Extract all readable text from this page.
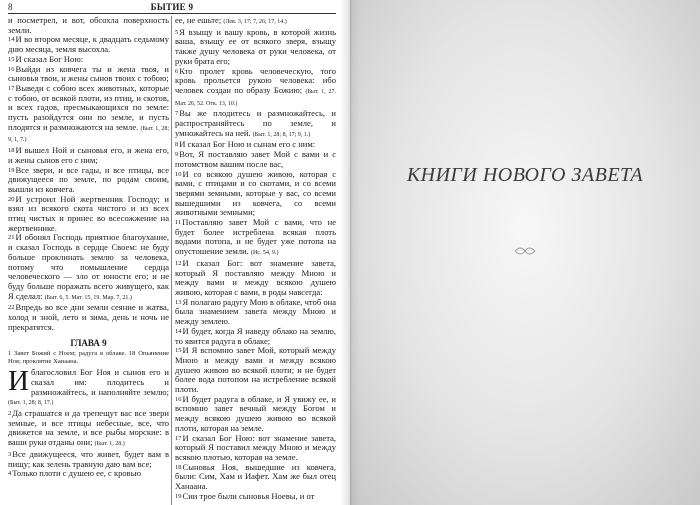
8	БЫТИЕ 9

и посметрел, и вот, обсохла поверхность земли.

$^{14}$И во втором месяце, к двадцать седьмому дню месяца, земля высохла.

$^{15}$И сказал Бог Ною:

$^{16}$Выйди из ковчега ты и жена твоя, и сыновья твои, и жены сынов твоих с тобою;

$^{17}$Выведи с собою всех животных, которые с тобою, от всякой плоти, из птиц, и скотов, и всех гадов, пресмыкающихся по земле: пусть разойдутся они по земле, и пусть плодятся и размножаются на земле. (Быт. 1, 28; 9, 1, 7.)

$^{18}$И вышел Ной и сыновья его, и жена его, и жены сынов его с ним;

$^{19}$Все звери, и все гады, и все птицы, все движущееся по земле, по родам своим, вышли из ковчега.

$^{20}$И устроил Ной жертвенник Господу; и взял из всякого скота чистого и из всех птиц чистых и принес во всесожжение на жертвеннике.

$^{21}$И обонял Господь приятное благоухание, и сказал Господь в сердце Своем: не буду больше проклинать землю за человека, потому что помышление сердца человеческого — зло от юности его; и не буду больше поражать всего живущего, как Я сделал: (Быт. 6, 5. Мат. 15, 19. Мар. 7, 21.)

$^{22}$Впредь во все дни земли сеяние и жатва, холод и зной, лето и зима, день и ночь не прекратятся.

ГЛАВА 9

1 Завет Божий с Ноем; радуга в облаке. 18 Опьянение Ноя; проклятие Ханаана.

Иблагословил Бог Ноя и сынов его и сказал им: плодитесь и размножайтесь, и наполняйте землю; (Быт. 1, 28; 8, 17.)

$^2$Да страшатся и да трепещут вас все звери земные, и все птицы небесные, все, что движется на земле, и все рыбы морские: в ваши руки отданы они; (Быт. 1, 28.)

$^3$Все движущееся, что живет, будет вам в пищу; как зелень травную даю вам все;

$^4$Только плоти с душею ее, с кровью

ее, не ешьте; (Лев. 3, 17; 7, 26; 17, 14.)

$^5$Я взыщу и вашу кровь, в которой жизнь ваша, взыщу ее от всякого зверя, взыщу также душу человека от руки человека, от руки брата его;

$^6$Кто пролет кровь человеческую, того кровь прольется рукою человека: ибо человек создан по образу Божию; (Быт. 1, 27. Мат. 26, 52. Отк. 13, 10.)

$^7$Вы же плодитесь и размножайтесь, и распространяйтесь по земле, и умножайтесь на ней. (Быт. 1, 28; 8, 17; 9, 1.)

$^8$И сказал Бог Ною и сынам его с ним:

$^9$Вот, Я поставляю завет Мой с вами и с потомством вашим после вас,

$^{10}$И со всякою душею живою, которая с вами, с птицами и со скотами, и со всеми зверями земными, которые у вас, со всеми вышедшими из ковчега, со всеми животными земными;

$^{11}$Поставляю завет Мой с вами, что не будет более истреблена всякая плоть водами потопа, и не будет уже потопа на опустошение земли. (Ис. 54, 9.)

$^{12}$И сказал Бог: вот знамение завета, который Я поставляю между Мною и между вами и между всякою душею живою, которая с вами, в роды навсегда:

$^{13}$Я полагаю радугу Мою в облаке, чтоб она была знамением завета между Мною и между землею.

$^{14}$И будет, когда Я наведу облако на землю, то явится радуга в облаке;

$^{15}$И Я вспомню завет Мой, который между Мною и между вами и между всякою душею живою во всякой плоти; и не будет более вода потопом на истребление всякой плоти.

$^{16}$И будет радуга в облаке, и Я увижу ее, и вспомню завет вечный между Богом и между всякою душею живою во всякой плоти, которая на земле.

$^{17}$И сказал Бог Ною: вот знамение завета, который Я поставил между Мною и между всякою плотью, которая на земле.

$^{18}$Сыновья Ноя, вышедшие из ковчега, были: Сим, Хам и Иафет. Хам же был отец Ханаана.

$^{19}$Сии трое были сыновья Ноевы, и от

КНИГИ НОВОГО ЗАВЕТА
